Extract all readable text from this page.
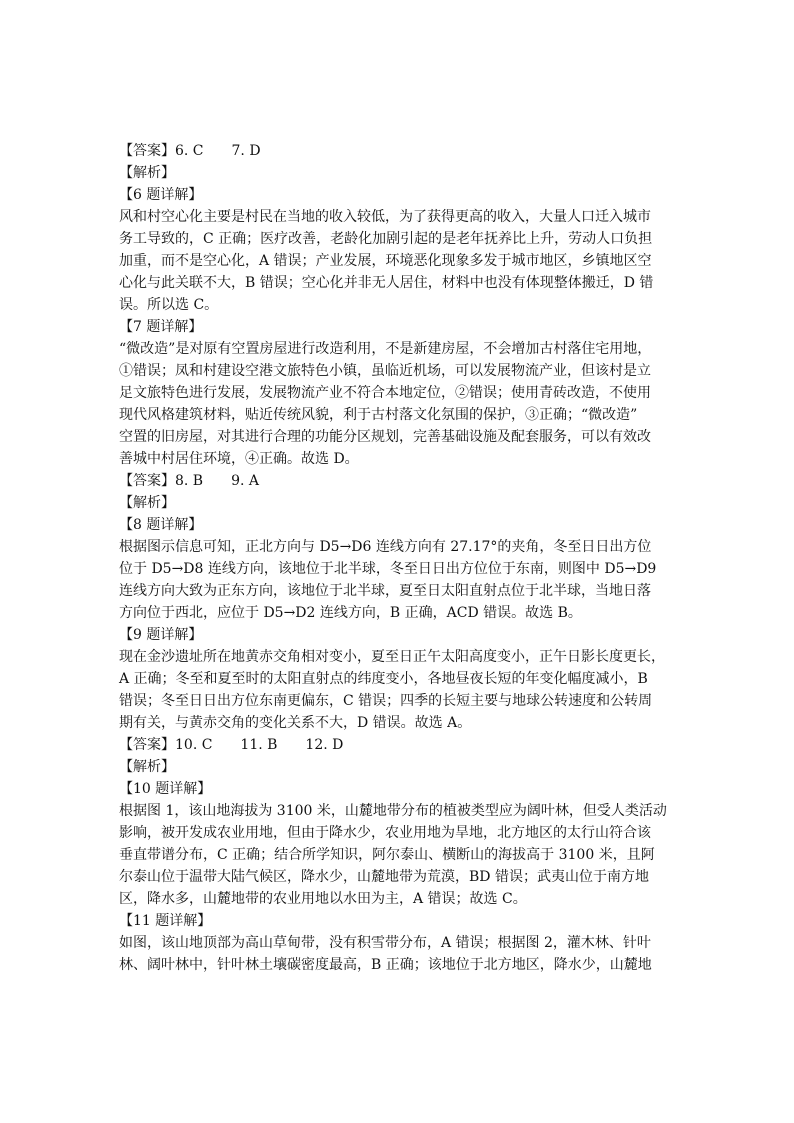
【答案】6. C　　7. D
【解析】
【6 题详解】
风和村空心化主要是村民在当地的收入较低，为了获得更高的收入，大量人口迁入城市
务工导致的，C 正确；医疗改善，老龄化加剧引起的是老年抚养比上升，劳动人口负担
加重，而不是空心化，A 错误；产业发展，环境恶化现象多发于城市地区，乡镇地区空
心化与此关联不大，B 错误；空心化并非无人居住，材料中也没有体现整体搬迁，D 错
误。所以选 C。
【7 题详解】
“微改造”是对原有空置房屋进行改造利用，不是新建房屋，不会增加古村落住宅用地，
①错误；凤和村建设空港文旅特色小镇，虽临近机场，可以发展物流产业，但该村是立
足文旅特色进行发展，发展物流产业不符合本地定位，②错误；使用青砖改造，不使用
现代风格建筑材料，贴近传统风貌，利于古村落文化氛围的保护，③正确；“微改造”
空置的旧房屋，对其进行合理的功能分区规划，完善基础设施及配套服务，可以有效改
善城中村居住环境，④正确。故选 D。
【答案】8. B　　9. A
【解析】
【8 题详解】
根据图示信息可知，正北方向与 D5→D6 连线方向有 27.17°的夹角，冬至日日出方位
位于 D5→D8 连线方向，该地位于北半球，冬至日日出方位位于东南，则图中 D5→D9
连线方向大致为正东方向，该地位于北半球，夏至日太阳直射点位于北半球，当地日落
方向位于西北，应位于 D5→D2 连线方向，B 正确，ACD 错误。故选 B。
【9 题详解】
现在金沙遗址所在地黄赤交角相对变小，夏至日正午太阳高度变小，正午日影长度更长，
A 正确；冬至和夏至时的太阳直射点的纬度变小，各地昼夜长短的年变化幅度减小，B
错误；冬至日日出方位东南更偏东，C 错误；四季的长短主要与地球公转速度和公转周
期有关，与黄赤交角的变化关系不大，D 错误。故选 A。
【答案】10. C　　11. B　　12. D
【解析】
【10 题详解】
根据图 1，该山地海拔为 3100 米，山麓地带分布的植被类型应为阔叶林，但受人类活动
影响，被开发成农业用地，但由于降水少，农业用地为旱地，北方地区的太行山符合该
垂直带谱分布，C 正确；结合所学知识，阿尔泰山、横断山的海拔高于 3100 米，且阿
尔泰山位于温带大陆气候区，降水少，山麓地带为荒漠，BD 错误；武夷山位于南方地
区，降水多，山麓地带的农业用地以水田为主，A 错误；故选 C。
【11 题详解】
如图，该山地顶部为高山草甸带，没有积雪带分布，A 错误；根据图 2，灌木林、针叶
林、阔叶林中，针叶林土壤碳密度最高，B 正确；该地位于北方地区，降水少，山麓地
